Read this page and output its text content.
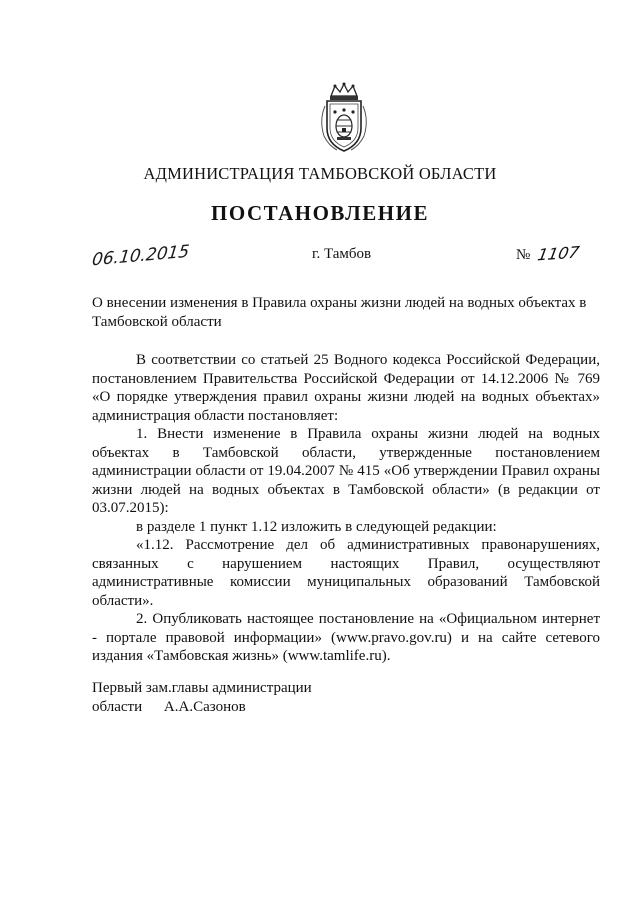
АДМИНИСТРАЦИЯ ТАМБОВСКОЙ ОБЛАСТИ
ПОСТАНОВЛЕНИЕ
06.10.2015	г. Тамбов	№ 1107
О внесении изменения в Правила охраны жизни людей на водных объектах в Тамбовской области

В соответствии со статьей 25 Водного кодекса Российской Федерации, постановлением Правительства Российской Федерации от 14.12.2006 № 769 «О порядке утверждения правил охраны жизни людей на водных объектах» администрация области постановляет:

1. Внести изменение в Правила охраны жизни людей на водных объектах в Тамбовской области, утвержденные постановлением администрации области от 19.04.2007 № 415 «Об утверждении Правил охраны жизни людей на водных объектах в Тамбовской области» (в редакции от 03.07.2015):

в разделе 1 пункт 1.12 изложить в следующей редакции:

«1.12. Рассмотрение дел об административных правонарушениях, связанных с нарушением настоящих Правил, осуществляют административные комиссии муниципальных образований Тамбовской области».

2. Опубликовать настоящее постановление на «Официальном интернет - портале правовой информации» (www.pravo.gov.ru) и на сайте сетевого издания «Тамбовская жизнь» (www.tamlife.ru).

Первый зам.главы администрации
области А.А.Сазонов
